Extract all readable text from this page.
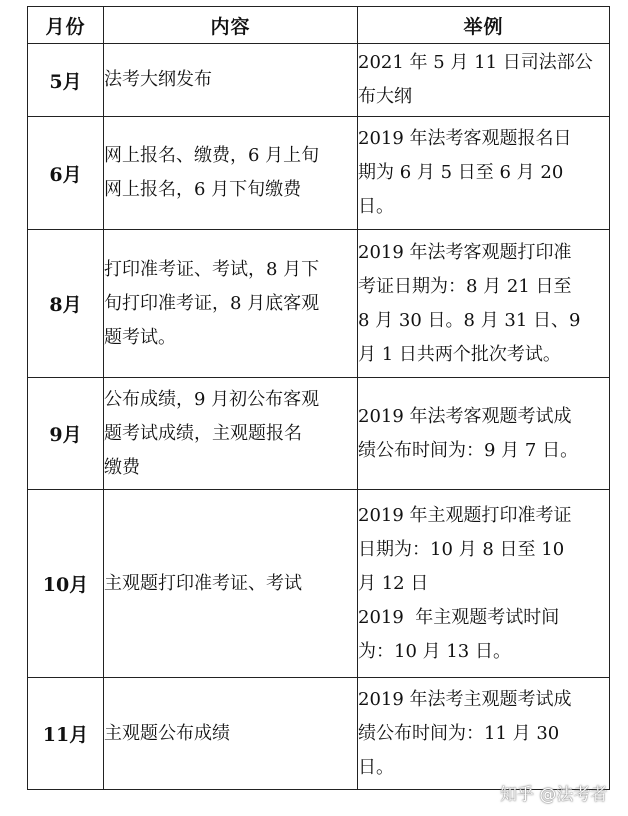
月份	内容	举例
5月	法考大纲发布	2021 年 5 月 11 日司法部公
布大纲

6月	网上报名、缴费，6 月上旬
网上报名，6 月下旬缴费	2019 年法考客观题报名日
期为 6 月 5 日至 6 月 20
日。

8月	打印准考证、考试，8 月下
旬打印准考证，8 月底客观
题考试。	2019 年法考客观题打印准
考证日期为：8 月 21 日至
8 月 30 日。8 月 31 日、9
月 1 日共两个批次考试。

9月	公布成绩，9 月初公布客观
题考试成绩，主观题报名
缴费	2019 年法考客观题考试成
绩公布时间为：9 月 7 日。

10月	主观题打印准考证、考试	2019 年主观题打印准考证
日期为：10 月 8 日至 10
月 12 日
2019  年主观题考试时间
为：10 月 13 日。

11月	主观题公布成绩	2019 年法考主观题考试成
绩公布时间为：11 月 30
日。
知乎 @法考者
